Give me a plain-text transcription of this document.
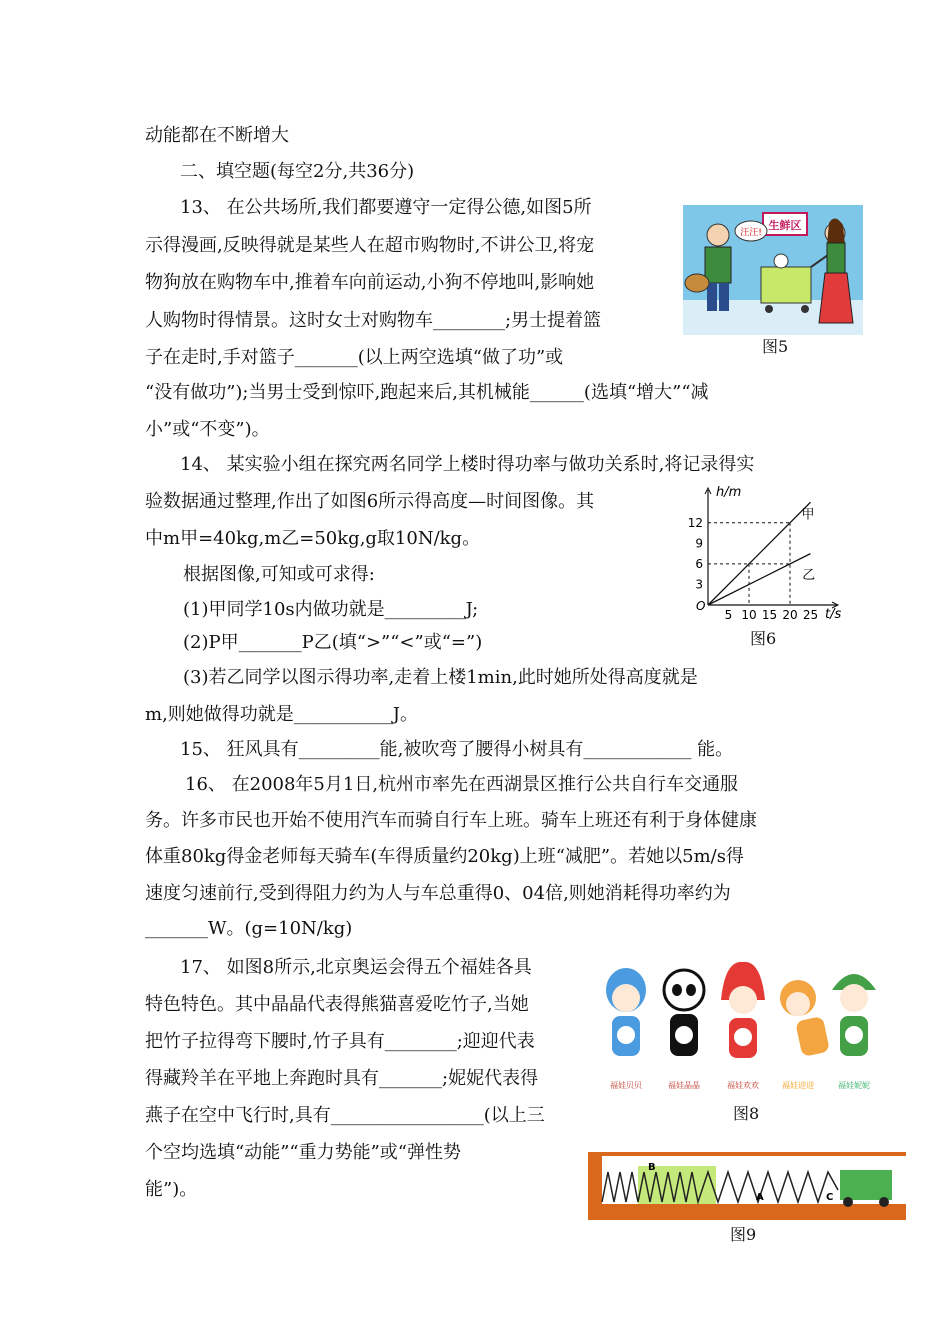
动能都在不断增大
二、填空题(每空2分,共36分)
13、 在公共场所,我们都要遵守一定得公德,如图5所
示得漫画,反映得就是某些人在超市购物时,不讲公卫,将宠
物狗放在购物车中,推着车向前运动,小狗不停地叫,影响她
人购物时得情景。这时女士对购物车________;男士提着篮
子在走时,手对篮子_______(以上两空选填“做了功”或
“没有做功”);当男士受到惊吓,跑起来后,其机械能______(选填“增大”“减
小”或“不变”)。
14、 某实验小组在探究两名同学上楼时得功率与做功关系时,将记录得实
验数据通过整理,作出了如图6所示得高度—时间图像。其
中m甲=40kg,m乙=50kg,g取10N/kg。
根据图像,可知或可求得:
(1)甲同学10s内做功就是_________J;
(2)P甲_______P乙(填“>”“<”或“=”)
(3)若乙同学以图示得功率,走着上楼1min,此时她所处得高度就是
m,则她做得功就是___________J。
15、 狂风具有_________能,被吹弯了腰得小树具有____________ 能。
16、 在2008年5月1日,杭州市率先在西湖景区推行公共自行车交通服
务。许多市民也开始不使用汽车而骑自行车上班。骑车上班还有利于身体健康
体重80kg得金老师每天骑车(车得质量约20kg)上班“减肥”。若她以5m/s得
速度匀速前行,受到得阻力约为人与车总重得0、04倍,则她消耗得功率约为
_______W。(g=10N/kg)
17、 如图8所示,北京奥运会得五个福娃各具
特色特色。其中晶晶代表得熊猫喜爱吃竹子,当她
把竹子拉得弯下腰时,竹子具有________;迎迎代表
得藏羚羊在平地上奔跑时具有_______;妮妮代表得
燕子在空中飞行时,具有_________________(以上三
个空均选填“动能”“重力势能”或“弹性势
能”)。
生鲜区
汪汪!
图5
h/m
t/s
O
3
6
9
12
5 10 15 20 25
甲
乙
图6
福娃贝贝	福娃晶晶	福娃欢欢	福娃迎迎	福娃妮妮
图8
B
A	C
图9
